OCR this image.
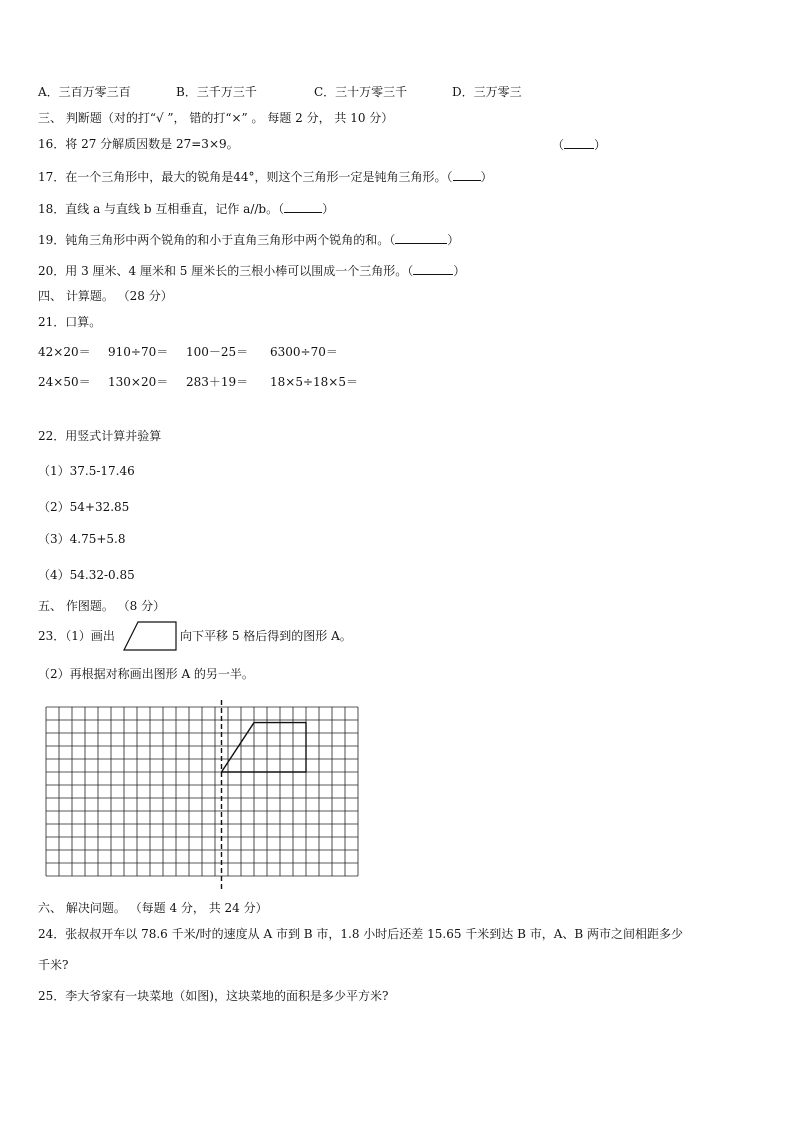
A．三百万零三百	B．三千万三千	C．三十万零三千	D．三万零三
三、 判断题（对的打“√ ”， 错的打“×” 。 每题 2 分， 共 10 分）
16．将 27 分解质因数是 27=3×9。	（	）
17．在一个三角形中，最大的锐角是44°，则这个三角形一定是钝角三角形。（ ）
18．直线 a 与直线 b 互相垂直，记作 a//b。（	）
19．钝角三角形中两个锐角的和小于直角三角形中两个锐角的和。（	）
20．用 3 厘米、4 厘米和 5 厘米长的三根小棒可以围成一个三角形。（	）
四、 计算题。 （28 分）
21．口算。
42×20＝ 910÷70＝ 100－25＝ 6300÷70＝
24×50＝ 130×20＝ 283＋19＝ 18×5÷18×5＝
22．用竖式计算并验算
（1）37.5-17.46
（2）54+32.85
（3）4.75+5.8
（4）54.32-0.85
五、 作图题。 （8 分）
23．（1）画出	向下平移 5 格后得到的图形 A。
（2）再根据对称画出图形 A 的另一半。
六、 解决问题。 （每题 4 分， 共 24 分）
24．张叔叔开车以 78.6 千米/时的速度从 A 市到 B 市，1.8 小时后还差 15.65 千米到达 B 市，A、B 两市之间相距多少
千米?
25．李大爷家有一块菜地（如图)，这块菜地的面积是多少平方米?
